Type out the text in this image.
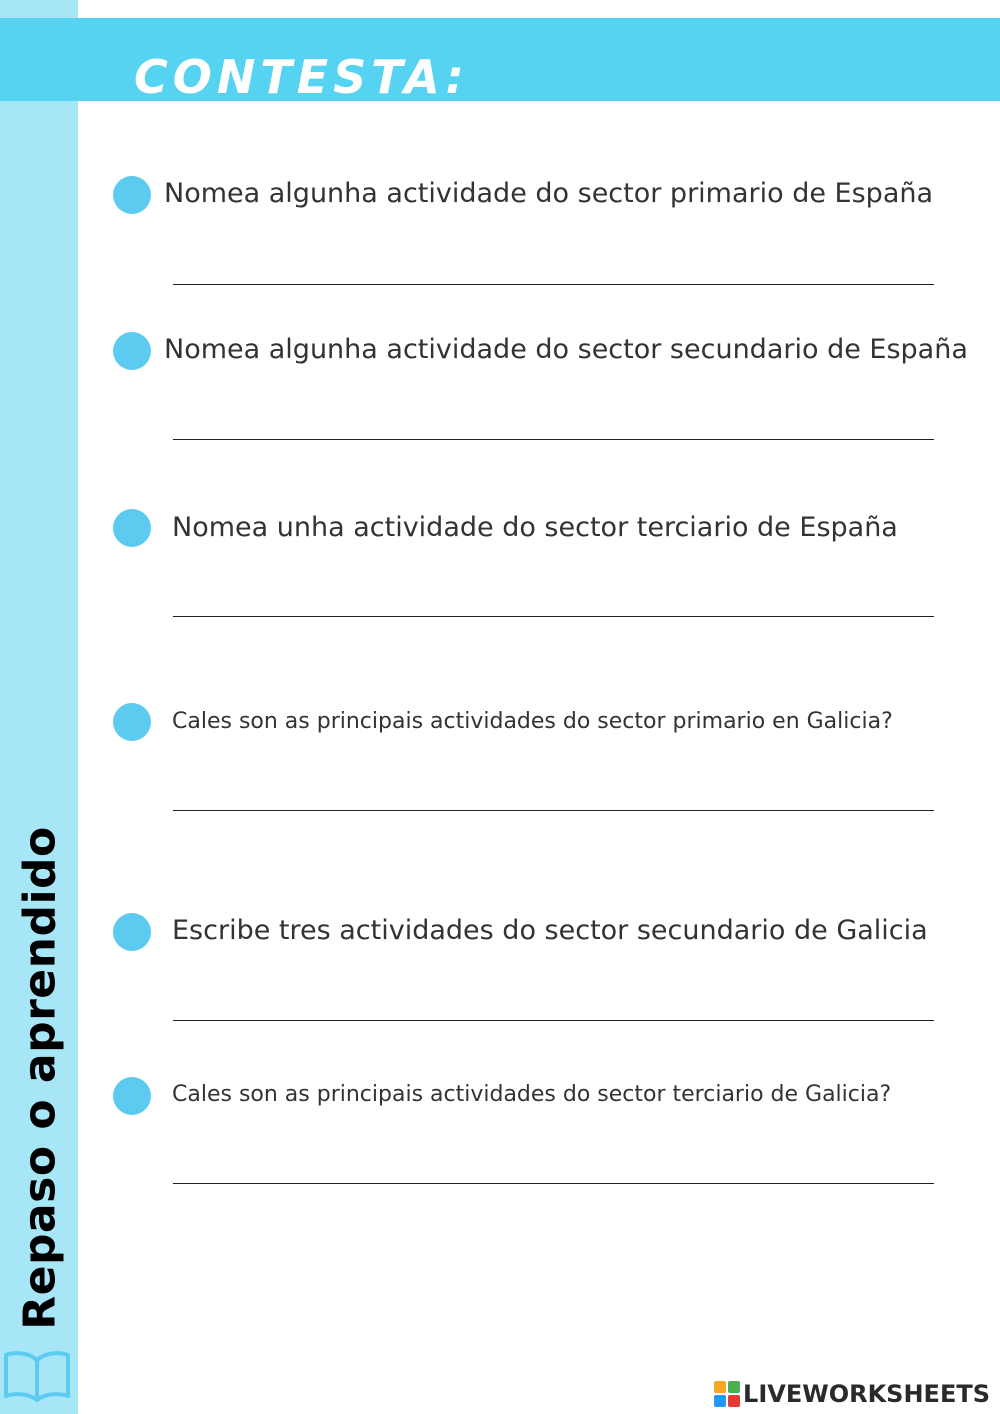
Repaso o aprendido
CONTESTA:
Nomea algunha actividade do sector primario de España
Nomea algunha actividade do sector secundario de España
Nomea unha actividade do sector terciario de España
Cales son as principais actividades do sector primario en Galicia?
Escribe tres actividades do sector secundario de Galicia
Cales son as principais actividades do sector terciario de Galicia?
LIVEWORKSHEETS
